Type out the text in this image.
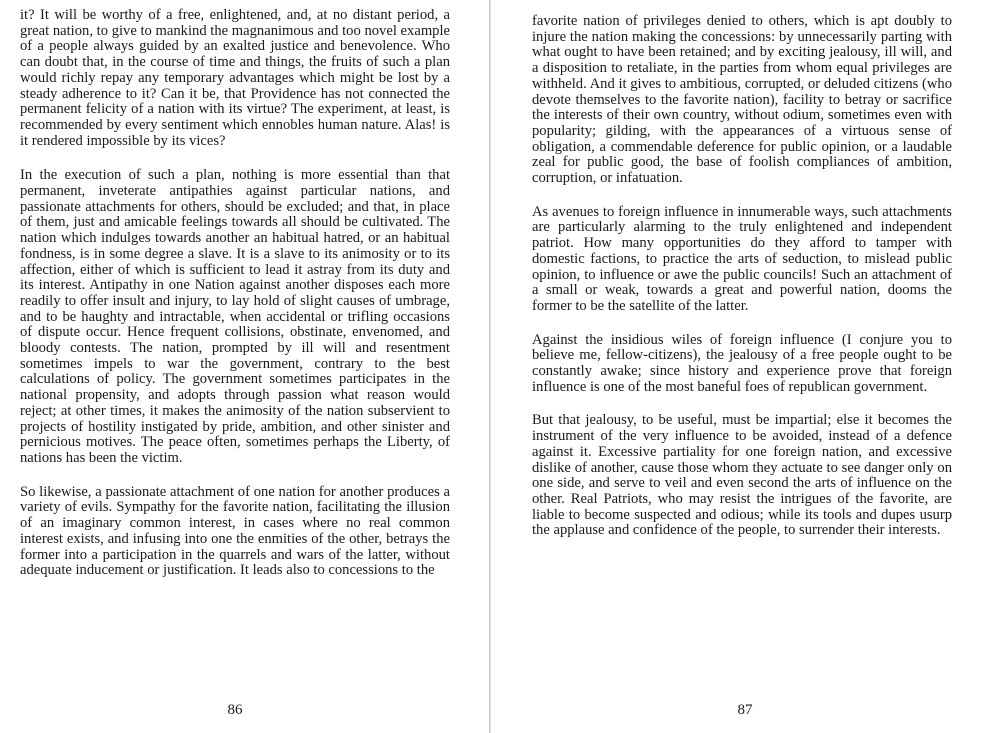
it? It will be worthy of a free, enlightened, and, at no distant period, a great nation, to give to mankind the magnanimous and too novel example of a people always guided by an exalted justice and benevolence. Who can doubt that, in the course of time and things, the fruits of such a plan would richly repay any temporary advantages which might be lost by a steady adherence to it? Can it be, that Providence has not connected the permanent felicity of a nation with its virtue? The experiment, at least, is recommended by every sentiment which ennobles human nature. Alas! is it rendered impossible by its vices?

In the execution of such a plan, nothing is more essential than that permanent, inveterate antipathies against particular nations, and passionate attachments for others, should be excluded; and that, in place of them, just and amicable feelings towards all should be cultivated. The nation which indulges towards another an habitual hatred, or an habitual fondness, is in some degree a slave. It is a slave to its animosity or to its affection, either of which is sufficient to lead it astray from its duty and its interest. Antipathy in one Nation against another disposes each more readily to offer insult and injury, to lay hold of slight causes of umbrage, and to be haughty and intractable, when accidental or trifling occasions of dispute occur. Hence frequent collisions, obstinate, envenomed, and bloody contests. The nation, prompted by ill will and resentment sometimes impels to war the government, contrary to the best calculations of policy. The government sometimes participates in the national propensity, and adopts through passion what reason would reject; at other times, it makes the animosity of the nation subservient to projects of hostility instigated by pride, ambition, and other sinister and pernicious motives. The peace often, sometimes perhaps the Liberty, of nations has been the victim.

So likewise, a passionate attachment of one nation for another produces a variety of evils. Sympathy for the favorite nation, facilitating the illusion of an imaginary common interest, in cases where no real common interest exists, and infusing into one the enmities of the other, betrays the former into a participation in the quarrels and wars of the latter, without adequate inducement or justification. It leads also to concessions to the

86

favorite nation of privileges denied to others, which is apt doubly to injure the nation making the concessions: by unnecessarily parting with what ought to have been retained; and by exciting jealousy, ill will, and a disposition to retaliate, in the parties from whom equal privileges are withheld. And it gives to ambitious, corrupted, or deluded citizens (who devote themselves to the favorite nation), facility to betray or sacrifice the interests of their own country, without odium, sometimes even with popularity; gilding, with the appearances of a virtuous sense of obligation, a commendable deference for public opinion, or a laudable zeal for public good, the base of foolish compliances of ambition, corruption, or infatuation.

As avenues to foreign influence in innumerable ways, such attachments are particularly alarming to the truly enlightened and independent patriot. How many opportunities do they afford to tamper with domestic factions, to practice the arts of seduction, to mislead public opinion, to influence or awe the public councils! Such an attachment of a small or weak, towards a great and powerful nation, dooms the former to be the satellite of the latter.

Against the insidious wiles of foreign influence (I conjure you to believe me, fellow-citizens), the jealousy of a free people ought to be constantly awake; since history and experience prove that foreign influence is one of the most baneful foes of republican government.

But that jealousy, to be useful, must be impartial; else it becomes the instrument of the very influence to be avoided, instead of a defence against it. Excessive partiality for one foreign nation, and excessive dislike of another, cause those whom they actuate to see danger only on one side, and serve to veil and even second the arts of influence on the other. Real Patriots, who may resist the intrigues of the favorite, are liable to become suspected and odious; while its tools and dupes usurp the applause and confidence of the people, to surrender their interests.

87
